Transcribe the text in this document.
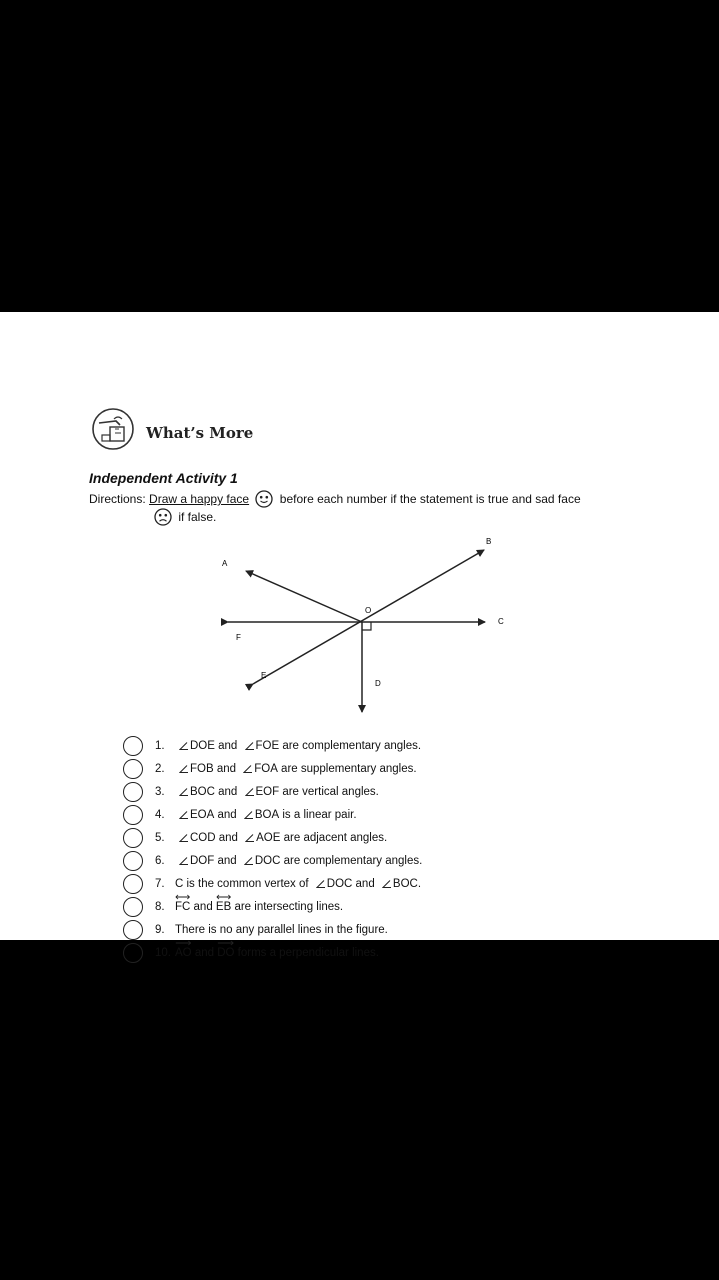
What’s More
Independent Activity 1
Directions: Draw a happy face  before each number if the statement is true and sad face
if false.
A
B
O
C
F
E
D
1.	DOE and FOE are complementary angles.
2.	FOB and FOA are supplementary angles.
3.	BOC and EOF are vertical angles.
4.	EOA and BOA is a linear pair.
5.	COD and AOE are adjacent angles.
6.	DOF and DOC are complementary angles.
7. C is the common vertex of DOC and BOC .
8. FC and EB are intersecting lines.
9. There is no any parallel lines in the figure.
10. AO and DO forms a perpendicular lines.
